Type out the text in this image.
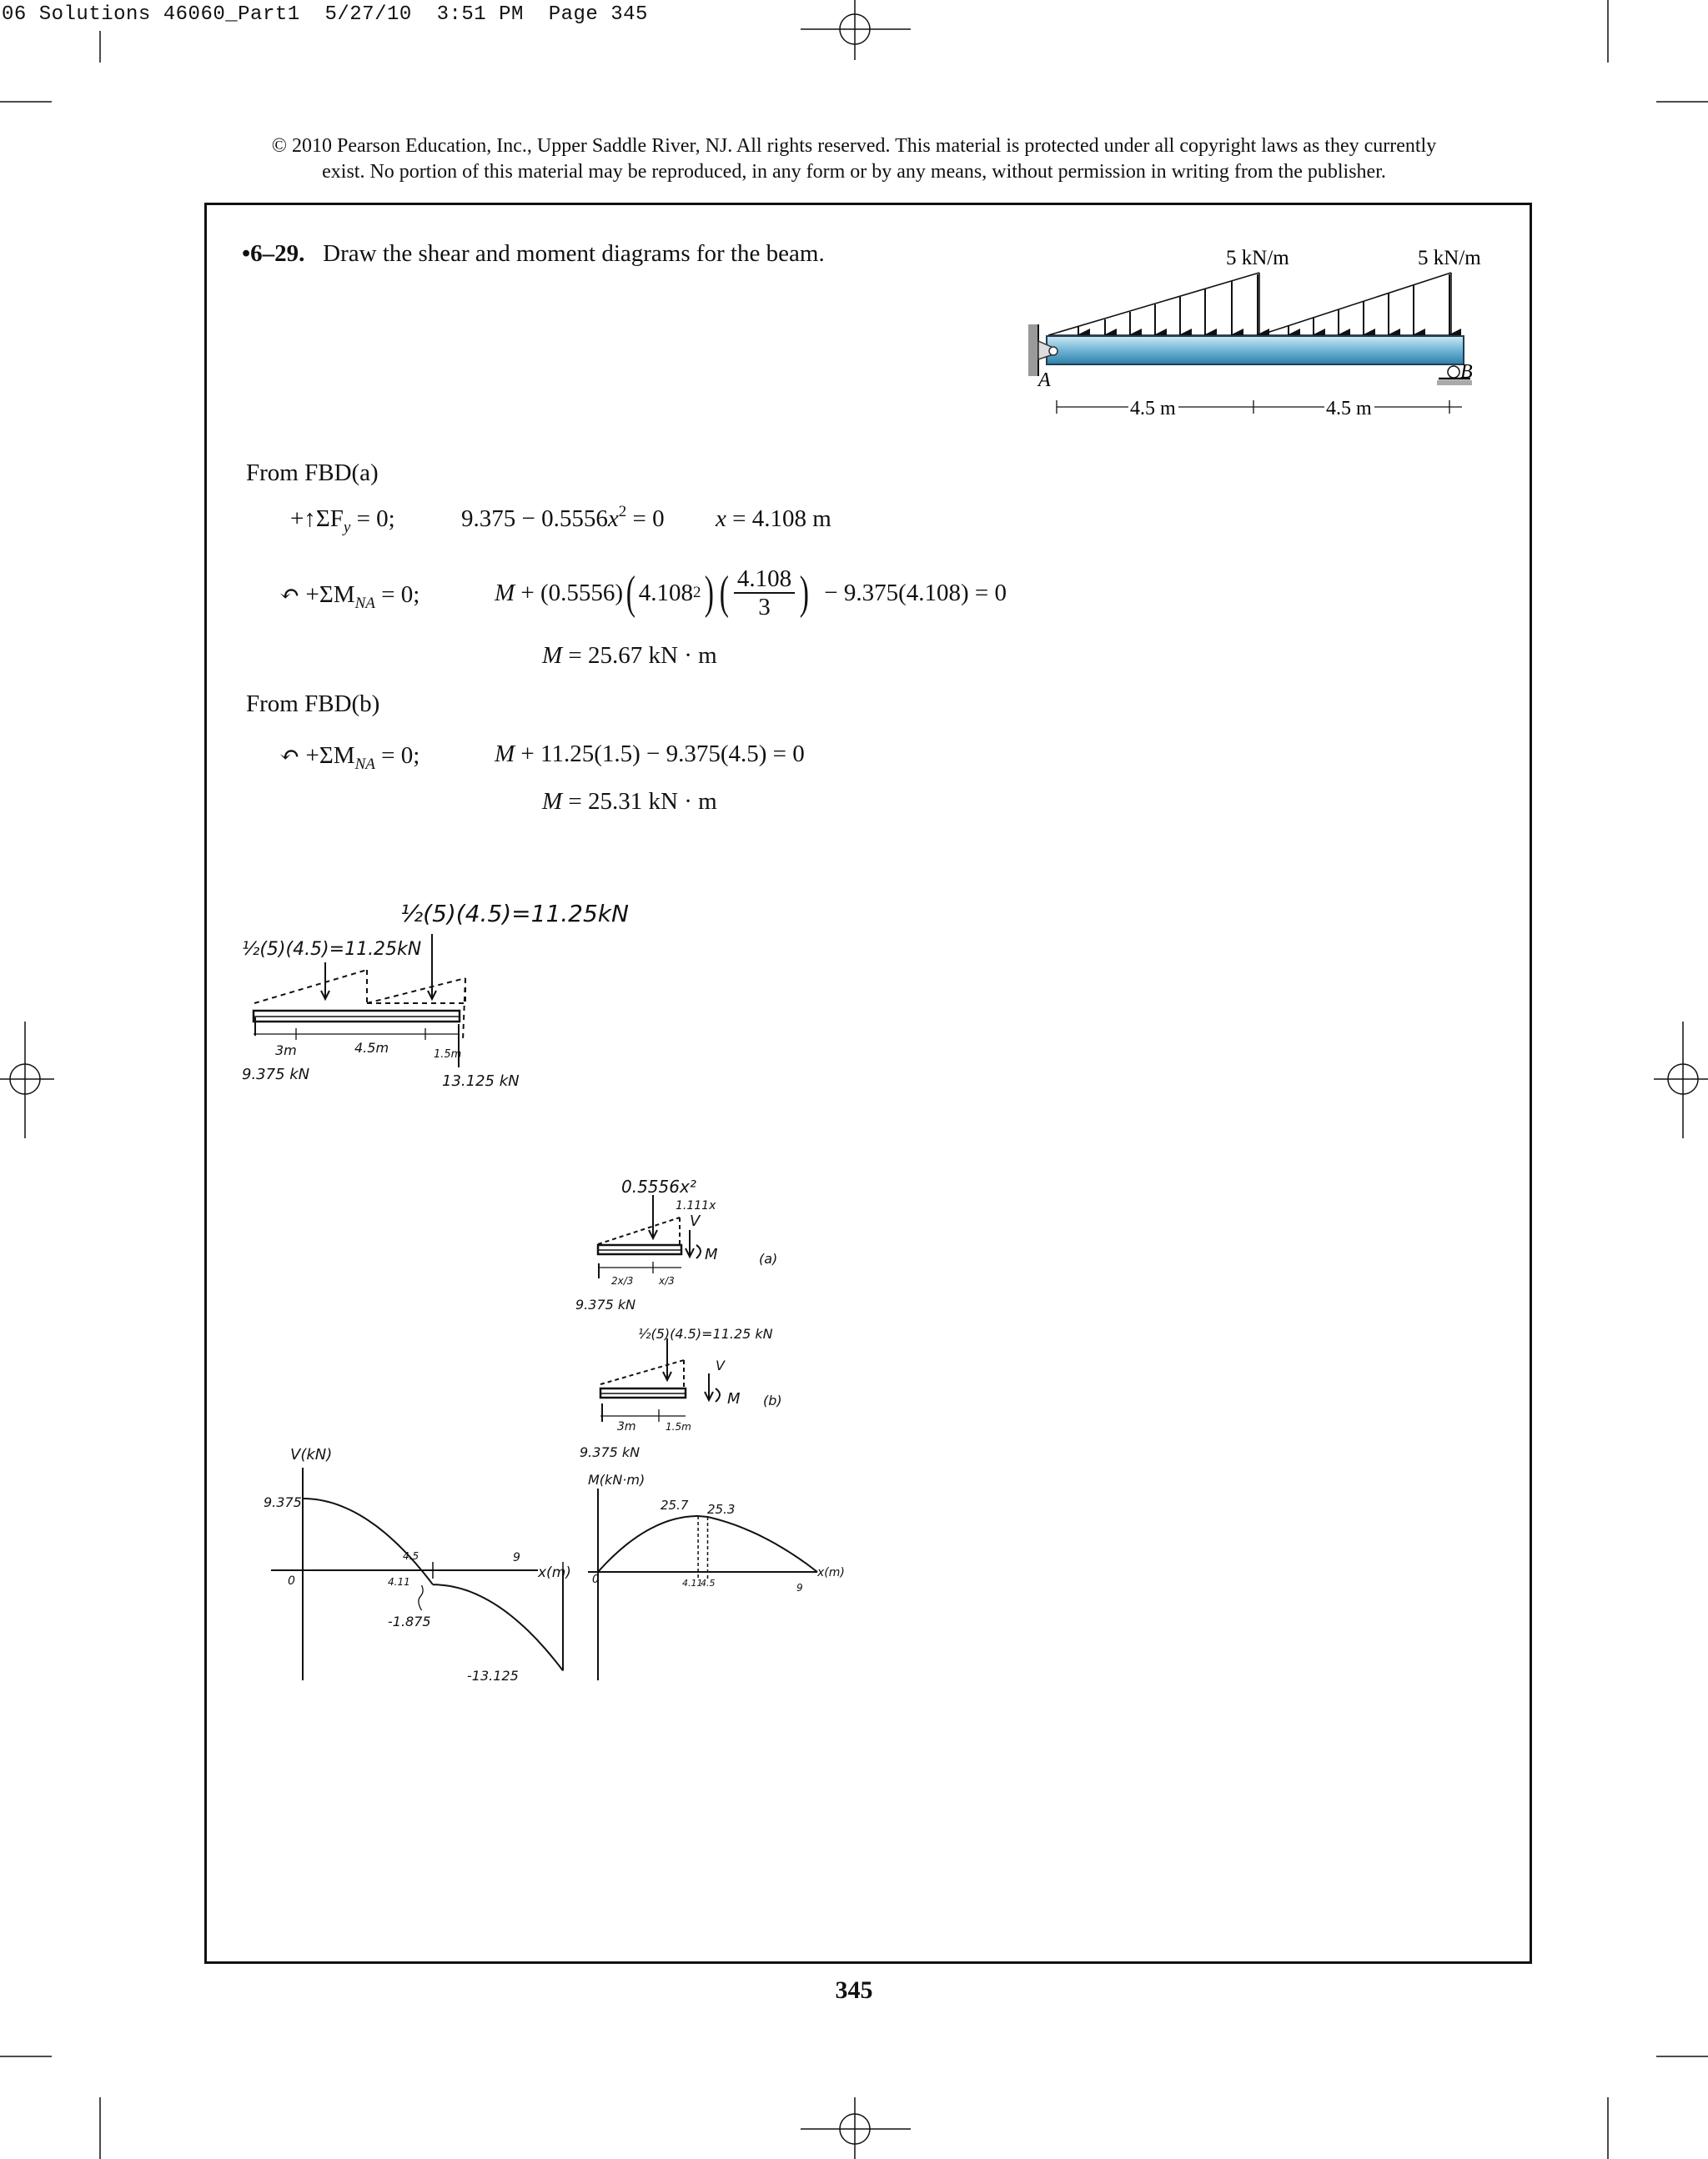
06 Solutions 46060_Part1  5/27/10  3:51 PM  Page 345
© 2010 Pearson Education, Inc., Upper Saddle River, NJ. All rights reserved. This material is protected under all copyright laws as they currently
exist. No portion of this material may be reproduced, in any form or by any means, without permission in writing from the publisher.
•6–29. Draw the shear and moment diagrams for the beam.	5 kN/m	5 kN/m
A	B
4.5 m	4.5 m
From FBD(a)
$+↑\Sigma F_y = 0$;	$9.375 - 0.5556x^2 = 0$ x = 4.108 m
↶ $+\Sigma M_{NA} = 0$;	M + (0.5556) ( 4.108 2 ) ( $\frac{4.108}{3}$ )
− 9.375(4.108) = 0
M = 25.67 kN · m
From FBD(b)
↶ $+\Sigma M_{NA} = 0$;	M + 11.25(1.5) − 9.375(4.5) = 0
M = 25.31 kN · m
½(5)(4.5)=11.25kN
½(5)(4.5)=11.25kN
3m	4.5m	1.5m
9.375 kN	13.125 kN
0.5556x²
1.111x
V
M	(a)
2x/3	x/3
9.375 kN
½(5)(4.5)=11.25 kN
V
M (b)
3m	1.5m
9.375 kN
V(kN)
x(m)
0
9.375
4.11
4.5	9
-1.875
-13.125
M(kN·m)
x(m)
0
25.7 25.3
4.11
4.5	9
345
